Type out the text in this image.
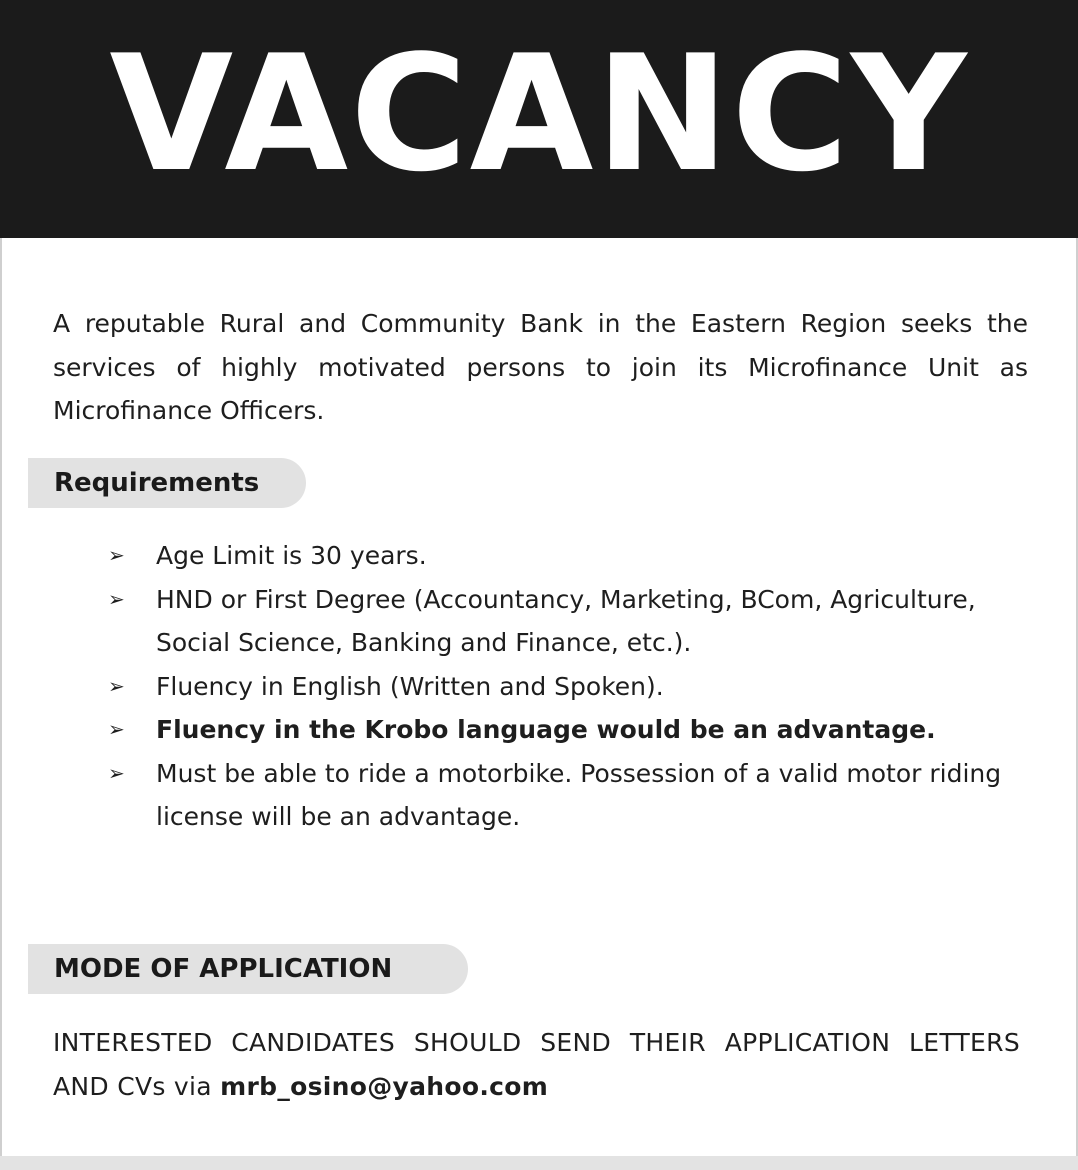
VACANCY

A reputable Rural and Community Bank in the Eastern Region seeks the services of highly motivated persons to join its Microfinance Unit as Microfinance Officers.

Requirements
➢ Age Limit is 30 years.
➢ HND or First Degree (Accountancy, Marketing, BCom, Agriculture, Social Science, Banking and Finance, etc.).
➢ Fluency in English (Written and Spoken).
➢ Fluency in the Krobo language would be an advantage.
➢ Must be able to ride a motorbike. Possession of a valid motor riding license will be an advantage.
MODE OF APPLICATION

INTERESTED CANDIDATES SHOULD SEND THEIR APPLICATION LETTERS AND CVs via mrb_osino@yahoo.com
